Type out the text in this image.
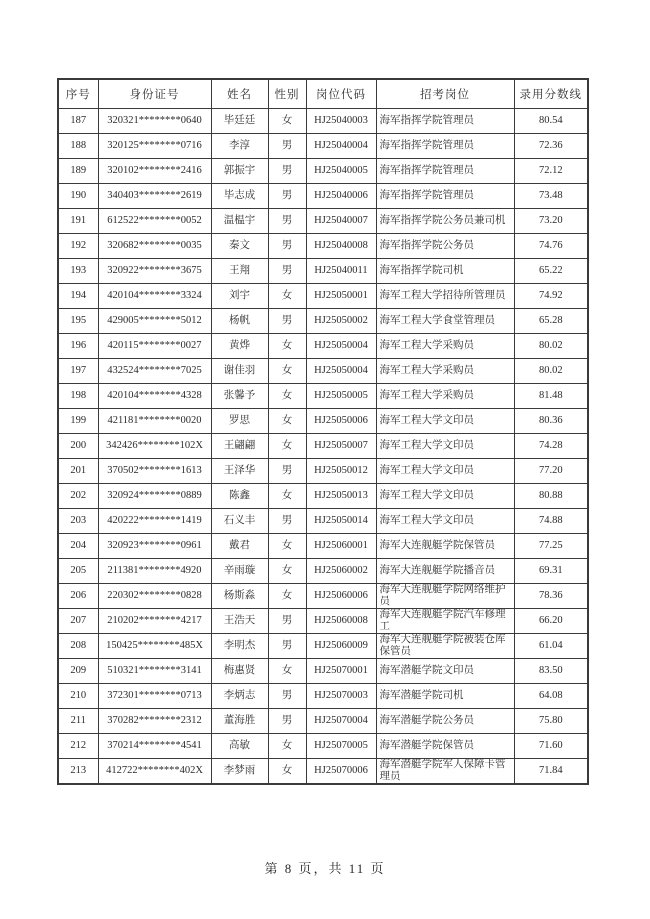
序号	身份证号	姓名	性别	岗位代码	招考岗位	录用分数线
187	320321********0640	毕廷廷	女	HJ25040003	海军指挥学院管理员	80.54
188	320125********0716	李淳	男	HJ25040004	海军指挥学院管理员	72.36
189	320102********2416	郭振宇	男	HJ25040005	海军指挥学院管理员	72.12
190	340403********2619	毕志成	男	HJ25040006	海军指挥学院管理员	73.48
191	612522********0052	温榅宇	男	HJ25040007	海军指挥学院公务员兼司机	73.20
192	320682********0035	秦文	男	HJ25040008	海军指挥学院公务员	74.76
193	320922********3675	王翔	男	HJ25040011	海军指挥学院司机	65.22
194	420104********3324	刘宇	女	HJ25050001	海军工程大学招待所管理员	74.92
195	429005********5012	杨帆	男	HJ25050002	海军工程大学食堂管理员	65.28
196	420115********0027	黄烨	女	HJ25050004	海军工程大学采购员	80.02
197	432524********7025	谢佳羽	女	HJ25050004	海军工程大学采购员	80.02
198	420104********4328	张馨予	女	HJ25050005	海军工程大学采购员	81.48
199	421181********0020	罗思	女	HJ25050006	海军工程大学文印员	80.36
200	342426********102X	王翩翩	女	HJ25050007	海军工程大学文印员	74.28
201	370502********1613	王泽华	男	HJ25050012	海军工程大学文印员	77.20
202	320924********0889	陈鑫	女	HJ25050013	海军工程大学文印员	80.88
203	420222********1419	石义丰	男	HJ25050014	海军工程大学文印员	74.88
204	320923********0961	戴君	女	HJ25060001	海军大连舰艇学院保管员	77.25
205	211381********4920	辛雨璇	女	HJ25060002	海军大连舰艇学院播音员	69.31
206	220302********0828	杨斯淼	女	HJ25060006	海军大连舰艇学院网络维护员	78.36
207	210202********4217	王浩天	男	HJ25060008	海军大连舰艇学院汽车修理工	66.20
208	150425********485X	李明杰	男	HJ25060009	海军大连舰艇学院被装仓库保管员	61.04
209	510321********3141	梅惠贤	女	HJ25070001	海军潜艇学院文印员	83.50
210	372301********0713	李炳志	男	HJ25070003	海军潜艇学院司机	64.08
211	370282********2312	董海胜	男	HJ25070004	海军潜艇学院公务员	75.80
212	370214********4541	高敏	女	HJ25070005	海军潜艇学院保管员	71.60
213	412722********402X	李梦雨	女	HJ25070006	海军潜艇学院军人保障卡管理员	71.84
第 8 页，共 11 页
